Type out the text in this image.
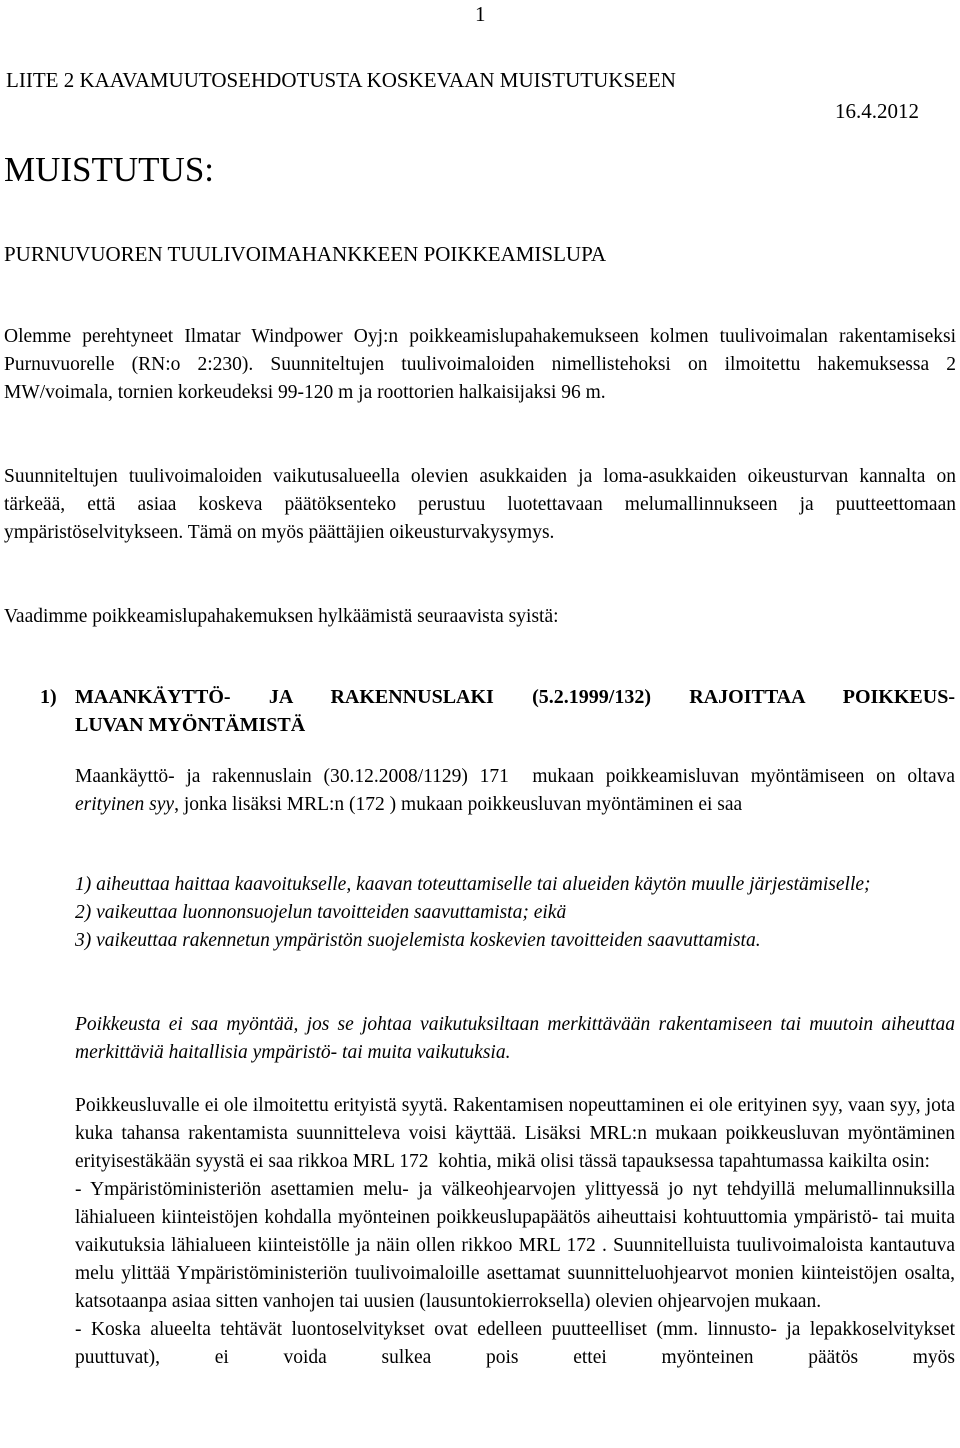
1
LIITE 2 KAAVAMUUTOSEHDOTUSTA KOSKEVAAN MUISTUTUKSEEN
16.4.2012
MUISTUTUS:
PURNUVUOREN TUULIVOIMAHANKKEEN POIKKEAMISLUPA

Olemme perehtyneet Ilmatar Windpower Oyj:n poikkeamislupahakemukseen kolmen tuulivoimalan rakentamiseksi Purnuvuorelle (RN:o 2:230). Suunniteltujen tuulivoimaloiden nimellistehoksi on ilmoitettu hakemuksessa 2 MW/voimala, tornien korkeudeksi 99-120 m ja roottorien halkaisijaksi 96 m.

Suunniteltujen tuulivoimaloiden vaikutusalueella olevien asukkaiden ja loma-asukkaiden oikeusturvan kannalta on tärkeää, että asiaa koskeva päätöksenteko perustuu luotettavaan melumallinnukseen ja puutteettomaan ympäristöselvitykseen. Tämä on myös päättäjien oikeusturvakysymys.

Vaadimme poikkeamislupahakemuksen hylkäämistä seuraavista syistä:

1) MAANKÄYTTÖ- JA RAKENNUSLAKI (5.2.1999/132) RAJOITTAA POIKKEUS-
LUVAN MYÖNTÄMISTÄ

Maankäyttö- ja rakennuslain (30.12.2008/1129) 171  mukaan poikkeamisluvan myöntämiseen on oltava erityinen syy, jonka lisäksi MRL:n (172 ) mukaan poikkeusluvan myöntäminen ei saa

1) aiheuttaa haittaa kaavoitukselle, kaavan toteuttamiselle tai alueiden käytön muulle järjestämiselle;

2) vaikeuttaa luonnonsuojelun tavoitteiden saavuttamista; eikä

3) vaikeuttaa rakennetun ympäristön suojelemista koskevien tavoitteiden saavuttamista.

Poikkeusta ei saa myöntää, jos se johtaa vaikutuksiltaan merkittävään rakentamiseen tai muutoin aiheuttaa merkittäviä haitallisia ympäristö- tai muita vaikutuksia.

Poikkeusluvalle ei ole ilmoitettu erityistä syytä. Rakentamisen nopeuttaminen ei ole erityinen syy, vaan syy, jota kuka tahansa rakentamista suunnitteleva voisi käyttää. Lisäksi MRL:n mukaan poikkeusluvan myöntäminen erityisestäkään syystä ei saa rikkoa MRL 172  kohtia, mikä olisi tässä tapauksessa tapahtumassa kaikilta osin:

- Ympäristöministeriön asettamien melu- ja välkeohjearvojen ylittyessä jo nyt tehdyillä melumallinnuksilla lähialueen kiinteistöjen kohdalla myönteinen poikkeuslupapäätös aiheuttaisi kohtuuttomia ympäristö- tai muita vaikutuksia lähialueen kiinteistölle ja näin ollen rikkoo MRL 172 . Suunnitelluista tuulivoimaloista kantautuva melu ylittää Ympäristöministeriön tuulivoimaloille asettamat suunnitteluohjearvot monien kiinteistöjen osalta, katsotaanpa asiaa sitten vanhojen tai uusien (lausuntokierroksella) olevien ohjearvojen mukaan.

- Koska alueelta tehtävät luontoselvitykset ovat edelleen puutteelliset (mm. linnusto- ja lepakkoselvitykset puuttuvat), ei voida sulkea pois ettei myönteinen päätös myös
